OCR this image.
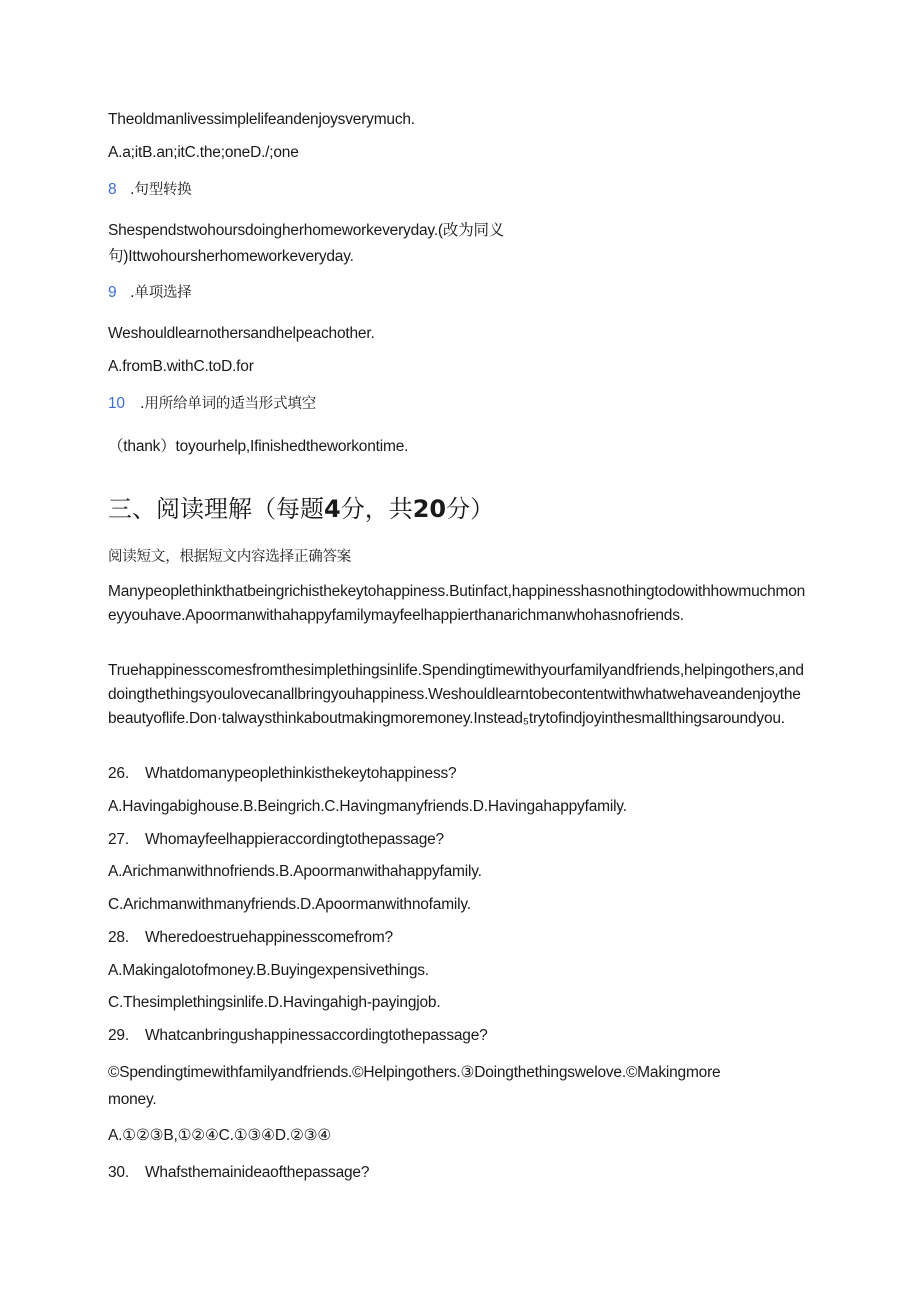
Theoldmanlivessimplelifeandenjoysverymuch.
A.a;itB.an;itC.the;oneD./;one
8 .句型转换
Shespendstwohoursdoingherhomeworkeveryday.(改为同义
句)Ittwohoursherhomeworkeveryday.
9 .单项选择
Weshouldlearnothersandhelpeachother.
A.fromB.withC.toD.for
10 .用所给单词的适当形式填空
（thank）toyourhelp,Ifinishedtheworkontime.
三、阅读理解（每题4分，共20分）
阅读短文，根据短文内容选择正确答案
Manypeoplethinkthatbeingrichisthekeytohappiness.Butinfact,happinesshasnothingtodowithhowmuchmoneyyouhave.Apoormanwithahappyfamilymayfeelhappierthanarichmanwhohasnofriends.
Truehappinesscomesfromthesimplethingsinlife.Spendingtimewithyourfamilyandfriends,helpingothers,anddoingthethingsyoulovecanallbringyouhappiness.Weshouldlearntobecontentwithwhatwehaveandenjoythebeautyoflife.Don·talwaysthinkaboutmakingmoremoney.Instead₅trytofindjoyinthesmallthingsaroundyou.
26. Whatdomanypeoplethinkisthekeytohappiness?
A.Havingabighouse.B.Beingrich.C.Havingmanyfriends.D.Havingahappyfamily.
27. Whomayfeelhappieraccordingtothepassage?
A.Arichmanwithnofriends.B.Apoormanwithahappyfamily.
C.Arichmanwithmanyfriends.D.Apoormanwithnofamily.
28. Wheredoestruehappinesscomefrom?
A.Makingalotofmoney.B.Buyingexpensivethings.
C.Thesimplethingsinlife.D.Havingahigh-payingjob.
29. Whatcanbringushappinessaccordingtothepassage?
©Spendingtimewithfamilyandfriends.©Helpingothers.③Doingthethingswelove.©Makingmore
money.
A.①②③B,①②④C.①③④D.②③④
30. Whafsthemainideaofthepassage?
